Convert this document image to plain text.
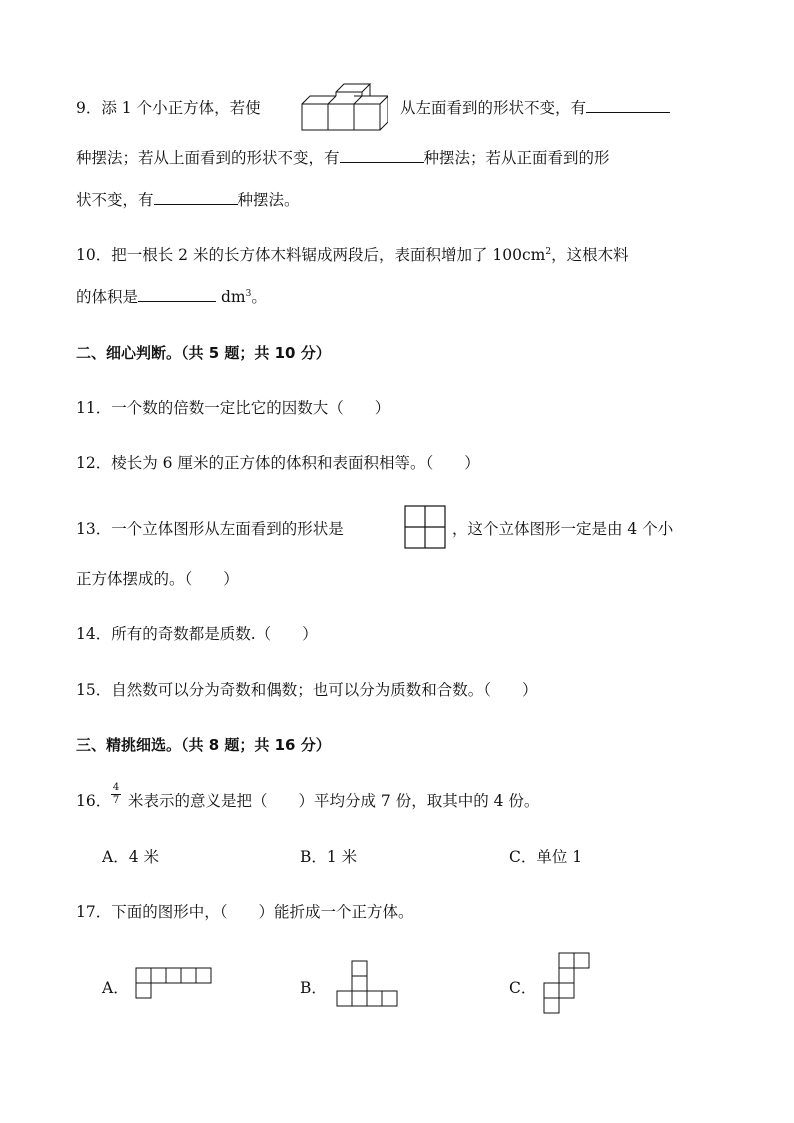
9．添 1 个小正方体，若使	从左面看到的形状不变，有
种摆法；若从上面看到的形状不变，有	种摆法；若从正面看到的形
状不变，有	种摆法。
10．把一根长 2 米的长方体木料锯成两段后，表面积增加了 $100cm^2$，这根木料
的体积是	$dm^3$。
二、细心判断。（共 5 题；共 10 分）
11．一个数的倍数一定比它的因数大（　　）
12．棱长为 6 厘米的正方体的体积和表面积相等。（　　）
13．一个立体图形从左面看到的形状是	，这个立体图形一定是由 4 个小
正方体摆成的。（　　）
14．所有的奇数都是质数.（　　）
15．自然数可以分为奇数和偶数；也可以分为质数和合数。（　　）
三、精挑细选。（共 8 题；共 16 分）
16．
4
7 米表示的意义是把（　　）平均分成 7 份，取其中的 4 份。
A．4 米	B．1 米	C．单位 1
17．下面的图形中，（　　）能折成一个正方体。
A．	B．	C．
